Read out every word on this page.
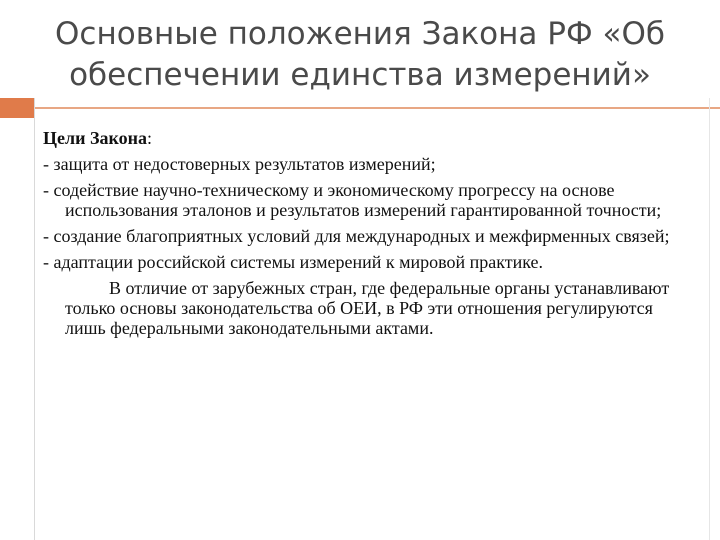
Основные положения Закона РФ «Об
обеспечении единства измерений»

Цели Закона:

- защита от недостоверных результатов измерений;

- содействие научно-техническому и экономическому прогрессу на основе использования эталонов и результатов измерений гарантированной точности;

- создание благоприятных условий для международных и межфирменных связей;

- адаптации российской системы измерений к мировой практике.

В отличие от зарубежных стран, где федеральные органы устанавливают только основы законодательства об ОЕИ, в РФ эти отношения регулируются лишь федеральными законодательными актами.
